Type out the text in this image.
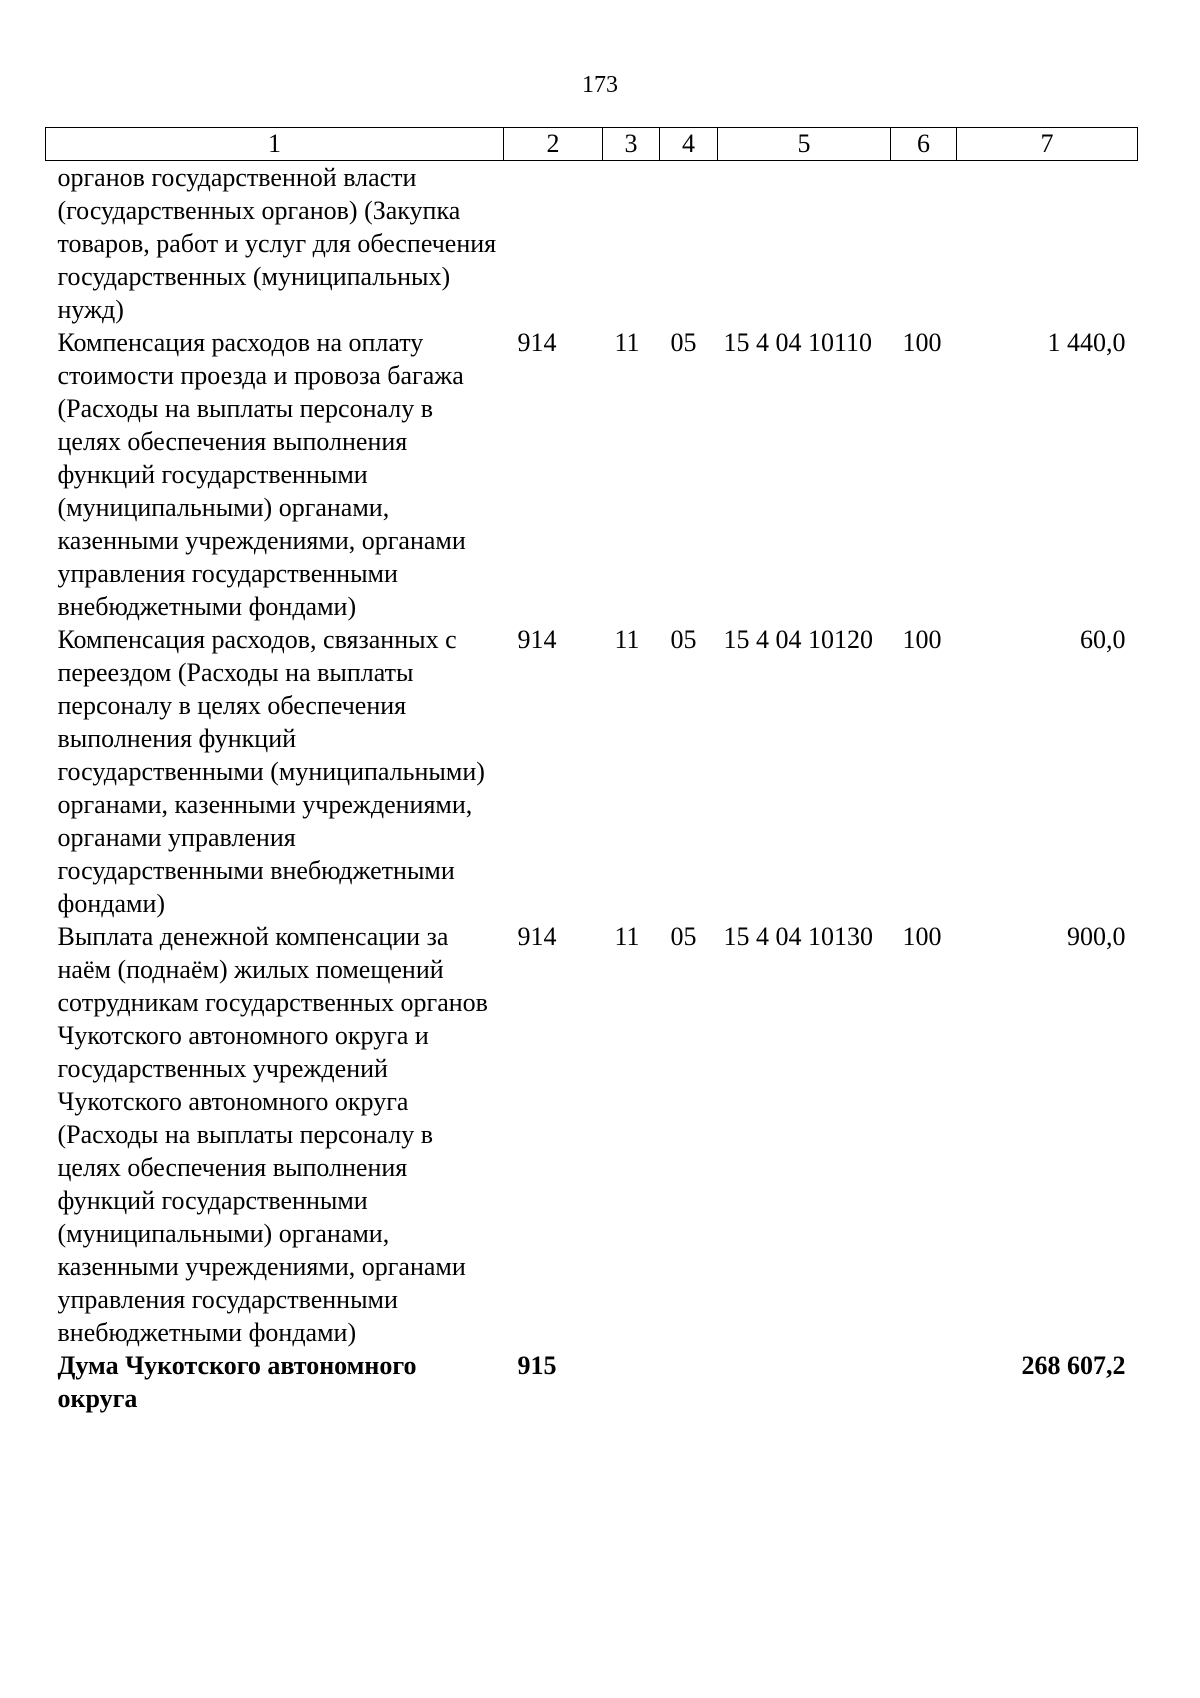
173
1	2	3	4	5	6	7
органов государственной власти (государственных органов) (Закупка товаров, работ и услуг для обеспечения государственных (муниципальных) нужд)						
Компенсация расходов на оплату стоимости проезда и провоза багажа (Расходы на выплаты персоналу в целях обеспечения выполнения функций государственными (муниципальными) органами, казенными учреждениями, органами управления государственными внебюджетными фондами)	914	11	05	15 4 04 10110	100	1 440,0
Компенсация расходов, связанных с переездом (Расходы на выплаты персоналу в целях обеспечения выполнения функций государственными (муниципальными) органами, казенными учреждениями, органами управления государственными внебюджетными фондами)	914	11	05	15 4 04 10120	100	60,0
Выплата денежной компенсации за наём (поднаём) жилых помещений сотрудникам государственных органов Чукотского автономного округа и государственных учреждений Чукотского автономного округа (Расходы на выплаты персоналу в целях обеспечения выполнения функций государственными (муниципальными) органами, казенными учреждениями, органами управления государственными внебюджетными фондами)	914	11	05	15 4 04 10130	100	900,0
Дума Чукотского автономного округа	915					268 607,2
